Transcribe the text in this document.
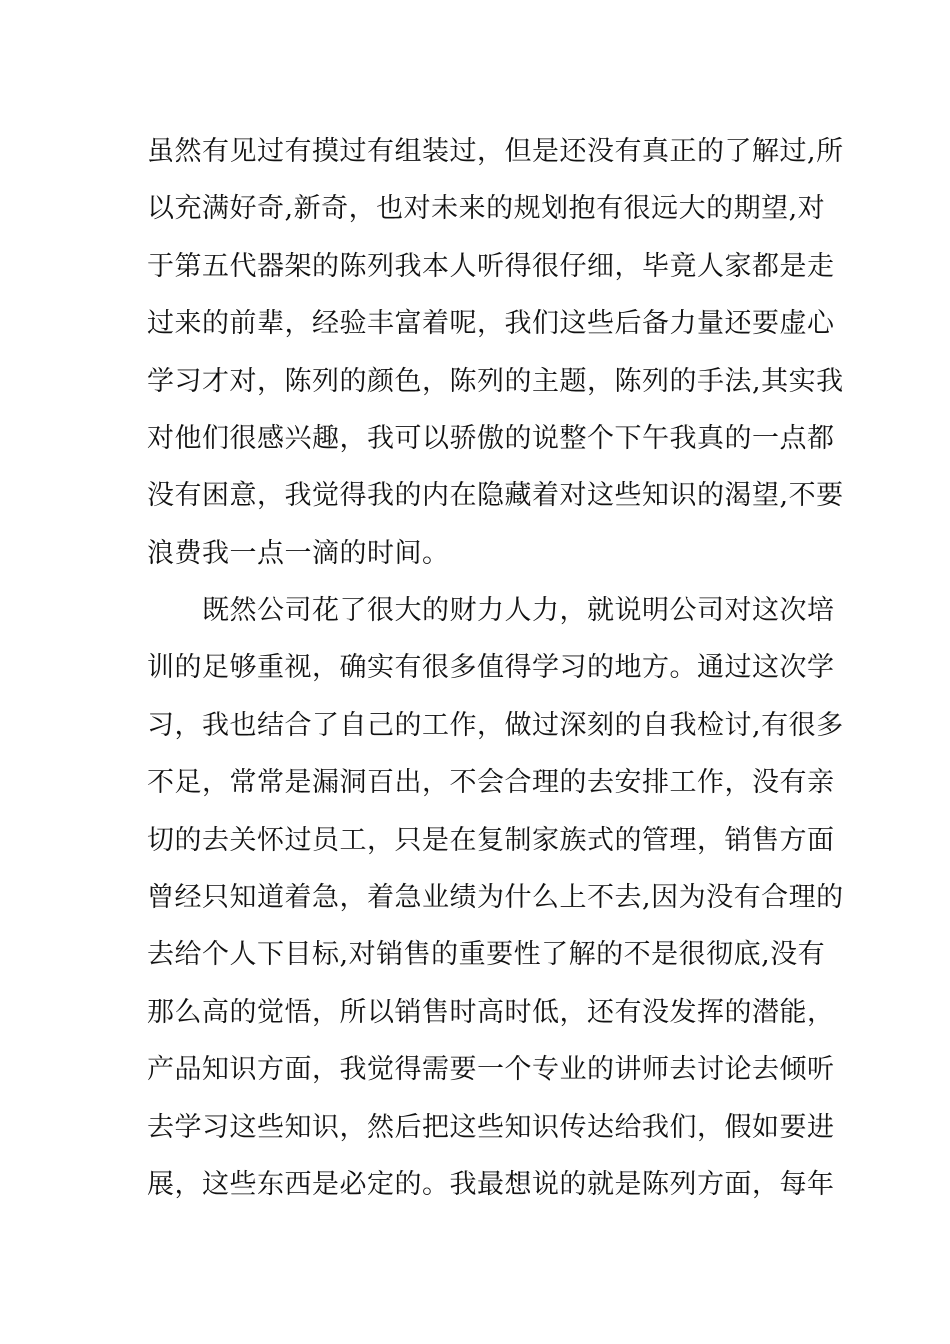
虽然有见过有摸过有组装过，但是还没有真正的了解过,所
以充满好奇,新奇，也对未来的规划抱有很远大的期望,对
于第五代器架的陈列我本人听得很仔细，毕竟人家都是走
过来的前辈，经验丰富着呢，我们这些后备力量还要虚心
学习才对，陈列的颜色，陈列的主题，陈列的手法,其实我
对他们很感兴趣，我可以骄傲的说整个下午我真的一点都
没有困意，我觉得我的内在隐藏着对这些知识的渴望,不要
浪费我一点一滴的时间。
既然公司花了很大的财力人力，就说明公司对这次培
训的足够重视，确实有很多值得学习的地方。通过这次学
习，我也结合了自己的工作，做过深刻的自我检讨,有很多
不足，常常是漏洞百出，不会合理的去安排工作，没有亲
切的去关怀过员工，只是在复制家族式的管理，销售方面
曾经只知道着急，着急业绩为什么上不去,因为没有合理的
去给个人下目标,对销售的重要性了解的不是很彻底,没有
那么高的觉悟，所以销售时高时低，还有没发挥的潜能，
产品知识方面，我觉得需要一个专业的讲师去讨论去倾听
去学习这些知识，然后把这些知识传达给我们，假如要进
展，这些东西是必定的。我最想说的就是陈列方面，每年
